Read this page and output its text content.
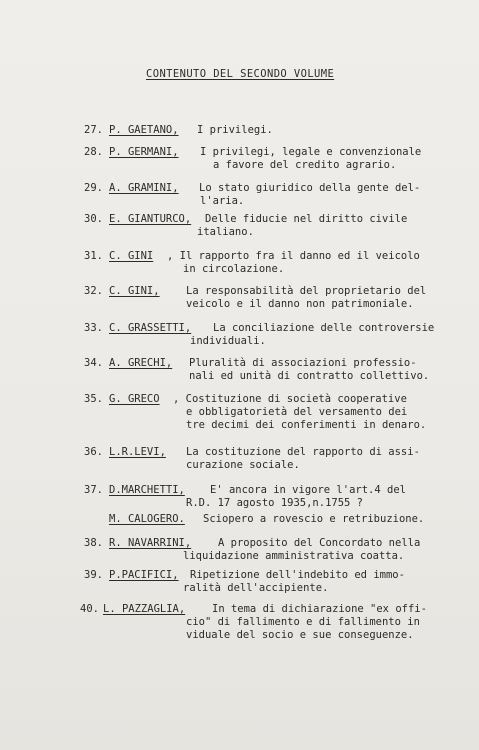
CONTENUTO DEL SECONDO VOLUME
27. P. GAETANO, I privilegi.
28. P. GERMANI, I privilegi, legale e convenzionale
a favore del credito agrario.
29. A. GRAMINI, Lo stato giuridico della gente del-
l'aria.
30. E. GIANTURCO, Delle fiducie nel diritto civile
italiano.
31. C. GINI , Il rapporto fra il danno ed il veicolo
in circolazione.
32. C. GINI,	La responsabilità del proprietario del
veicolo e il danno non patrimoniale.
33. C. GRASSETTI, La conciliazione delle controversie
individuali.
34. A. GRECHI, Pluralità di associazioni professio-
nali ed unità di contratto collettivo.
35. G. GRECO , Costituzione di società cooperative
e obbligatorietà del versamento dei
tre decimi dei conferimenti in denaro.
36. L.R.LEVI, La costituzione del rapporto di assi-
curazione sociale.
37. D.MARCHETTI, E' ancora in vigore l'art.4 del
R.D. 17 agosto 1935,n.1755 ?
M. CALOGERO. Sciopero a rovescio e retribuzione.
38. R. NAVARRINI,	A proposito del Concordato nella
liquidazione amministrativa coatta.
39. P.PACIFICI, Ripetizione dell'indebito ed immo-
ralità dell'accipiente.
40. L. PAZZAGLIA,	In tema di dichiarazione "ex offi-
cio" di fallimento e di fallimento in
viduale del socio e sue conseguenze.
